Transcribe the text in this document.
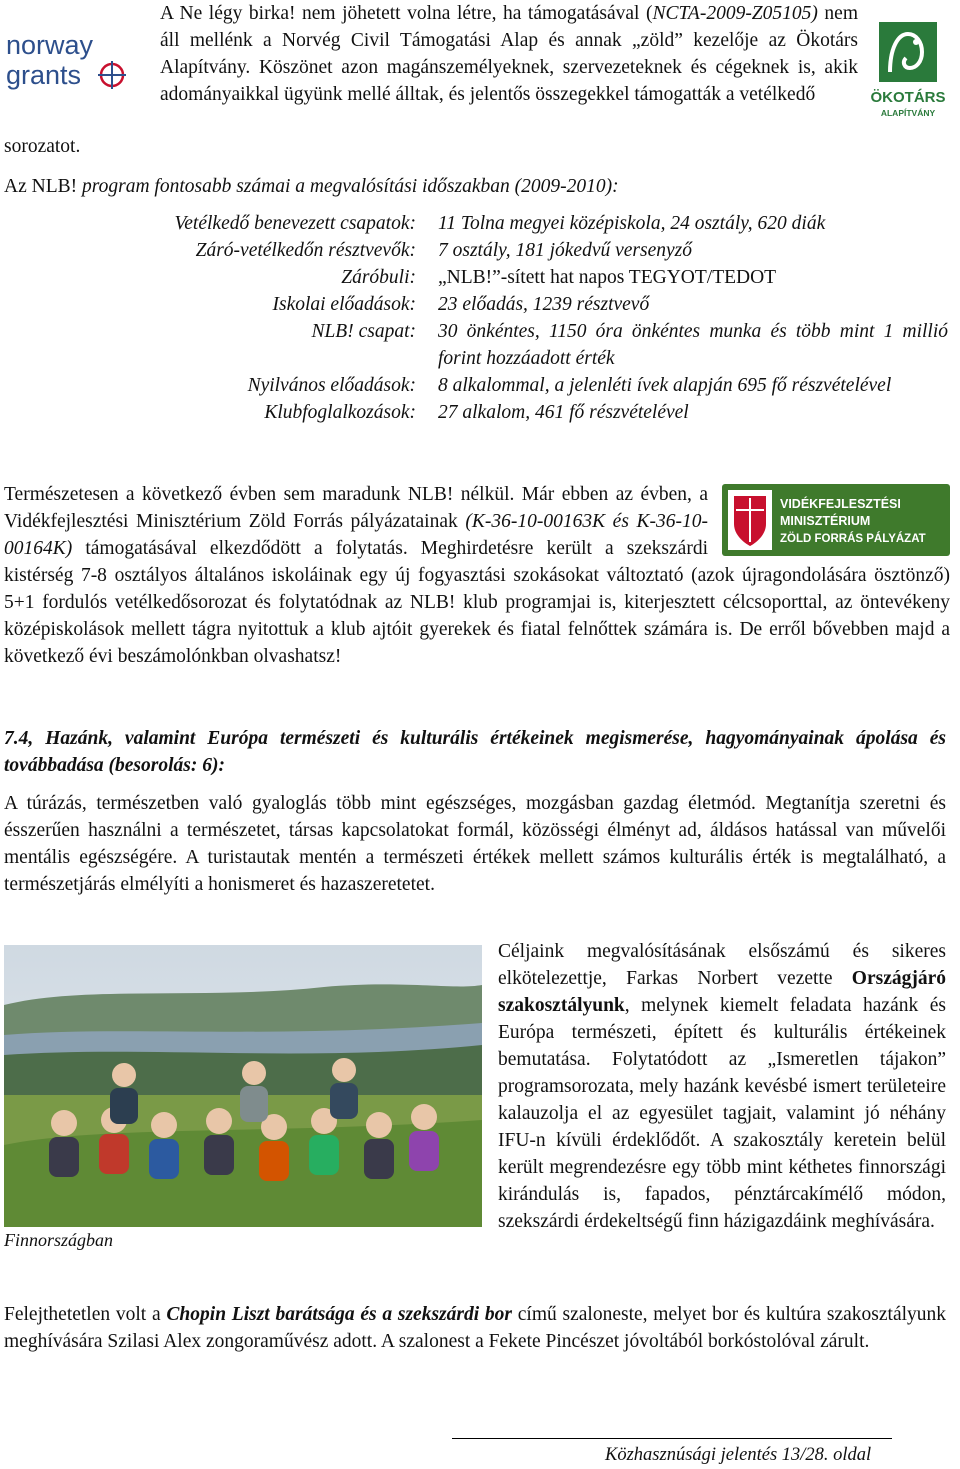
norway
grants
ÖKOTÁRS
ALAPÍTVÁNY
A Ne légy birka! nem jöhetett volna létre, ha támogatásával (NCTA-2009-Z05105) nem áll mellénk a Norvég Civil Támogatási Alap és annak „zöld” kezelője az Ökotárs Alapítvány. Köszönet azon magánszemélyeknek, szervezeteknek és cégeknek is, akik adományaikkal ügyünk mellé álltak, és jelentős összegekkel támogatták a vetélkedő
sorozatot.
Az NLB! program fontosabb számai a megvalósítási időszakban (2009-2010):
Vetélkedő benevezett csapatok:	11 Tolna megyei középiskola, 24 osztály, 620 diák
Záró-vetélkedőn résztvevők:	7 osztály, 181 jókedvű versenyző
Záróbuli:	„NLB!”-sített hat napos TEGYOT/TEDOT
Iskolai előadások:	23 előadás, 1239 résztvevő
NLB! csapat:	30 önkéntes, 1150 óra önkéntes munka és több mint 1 millió forint hozzáadott érték
Nyilvános előadások:	8 alkalommal, a jelenléti ívek alapján 695 fő részvételével
Klubfoglalkozások:	27 alkalom, 461 fő részvételével
VIDÉKFEJLESZTÉSI
MINISZTÉRIUM
ZÖLD FORRÁS PÁLYÁZAT
Természetesen a következő évben sem maradunk NLB! nélkül. Már ebben az évben, a Vidékfejlesztési Minisztérium Zöld Forrás pályázatainak (K-36-10-00163K és K-36-10-00164K) támogatásával elkezdődött a folytatás. Meghirdetésre került a szekszárdi kistérség 7-8 osztályos általános iskoláinak egy új fogyasztási szokásokat változtató (azok újragondolására ösztönző) 5+1 fordulós vetélkedősorozat és folytatódnak az NLB! klub programjai is, kiterjesztett célcsoporttal, az öntevékeny középiskolások mellett tágra nyitottuk a klub ajtóit gyerekek és fiatal felnőttek számára is. De erről bővebben majd a következő évi beszámolónkban olvashatsz!
7.4, Hazánk, valamint Európa természeti és kulturális értékeinek megismerése, hagyományainak ápolása és továbbadása (besorolás: 6):
A túrázás, természetben való gyaloglás több mint egészséges, mozgásban gazdag életmód. Megtanítja szeretni és ésszerűen használni a természetet, társas kapcsolatokat formál, közösségi élményt ad, áldásos hatással van művelői mentális egészségére. A turistautak mentén a természeti értékek mellett számos kulturális érték is megtalálható, a természetjárás elmélyíti a honismeret és hazaszeretetet.
Finnországban
Céljaink megvalósításának elsőszámú és sikeres elkötelezettje, Farkas Norbert vezette Országjáró szakosztályunk, melynek kiemelt feladata hazánk és Európa természeti, épített és kulturális értékeinek bemutatása. Folytatódott az „Ismeretlen tájakon” programsorozata, mely hazánk kevésbé ismert területeire kalauzolja el az egyesület tagjait, valamint jó néhány IFU-n kívüli érdeklődőt. A szakosztály keretein belül került megrendezésre egy több mint kéthetes finnországi kirándulás is, fapados, pénztárcakímélő módon, szekszárdi érdekeltségű finn házigazdáink meghívására.
Felejthetetlen volt a Chopin Liszt barátsága és a szekszárdi bor című szaloneste, melyet bor és kultúra szakosztályunk meghívására Szilasi Alex zongoraművész adott. A szalonest a Fekete Pincészet jóvoltából borkóstolóval zárult.
Közhasznúsági jelentés 13/28. oldal
